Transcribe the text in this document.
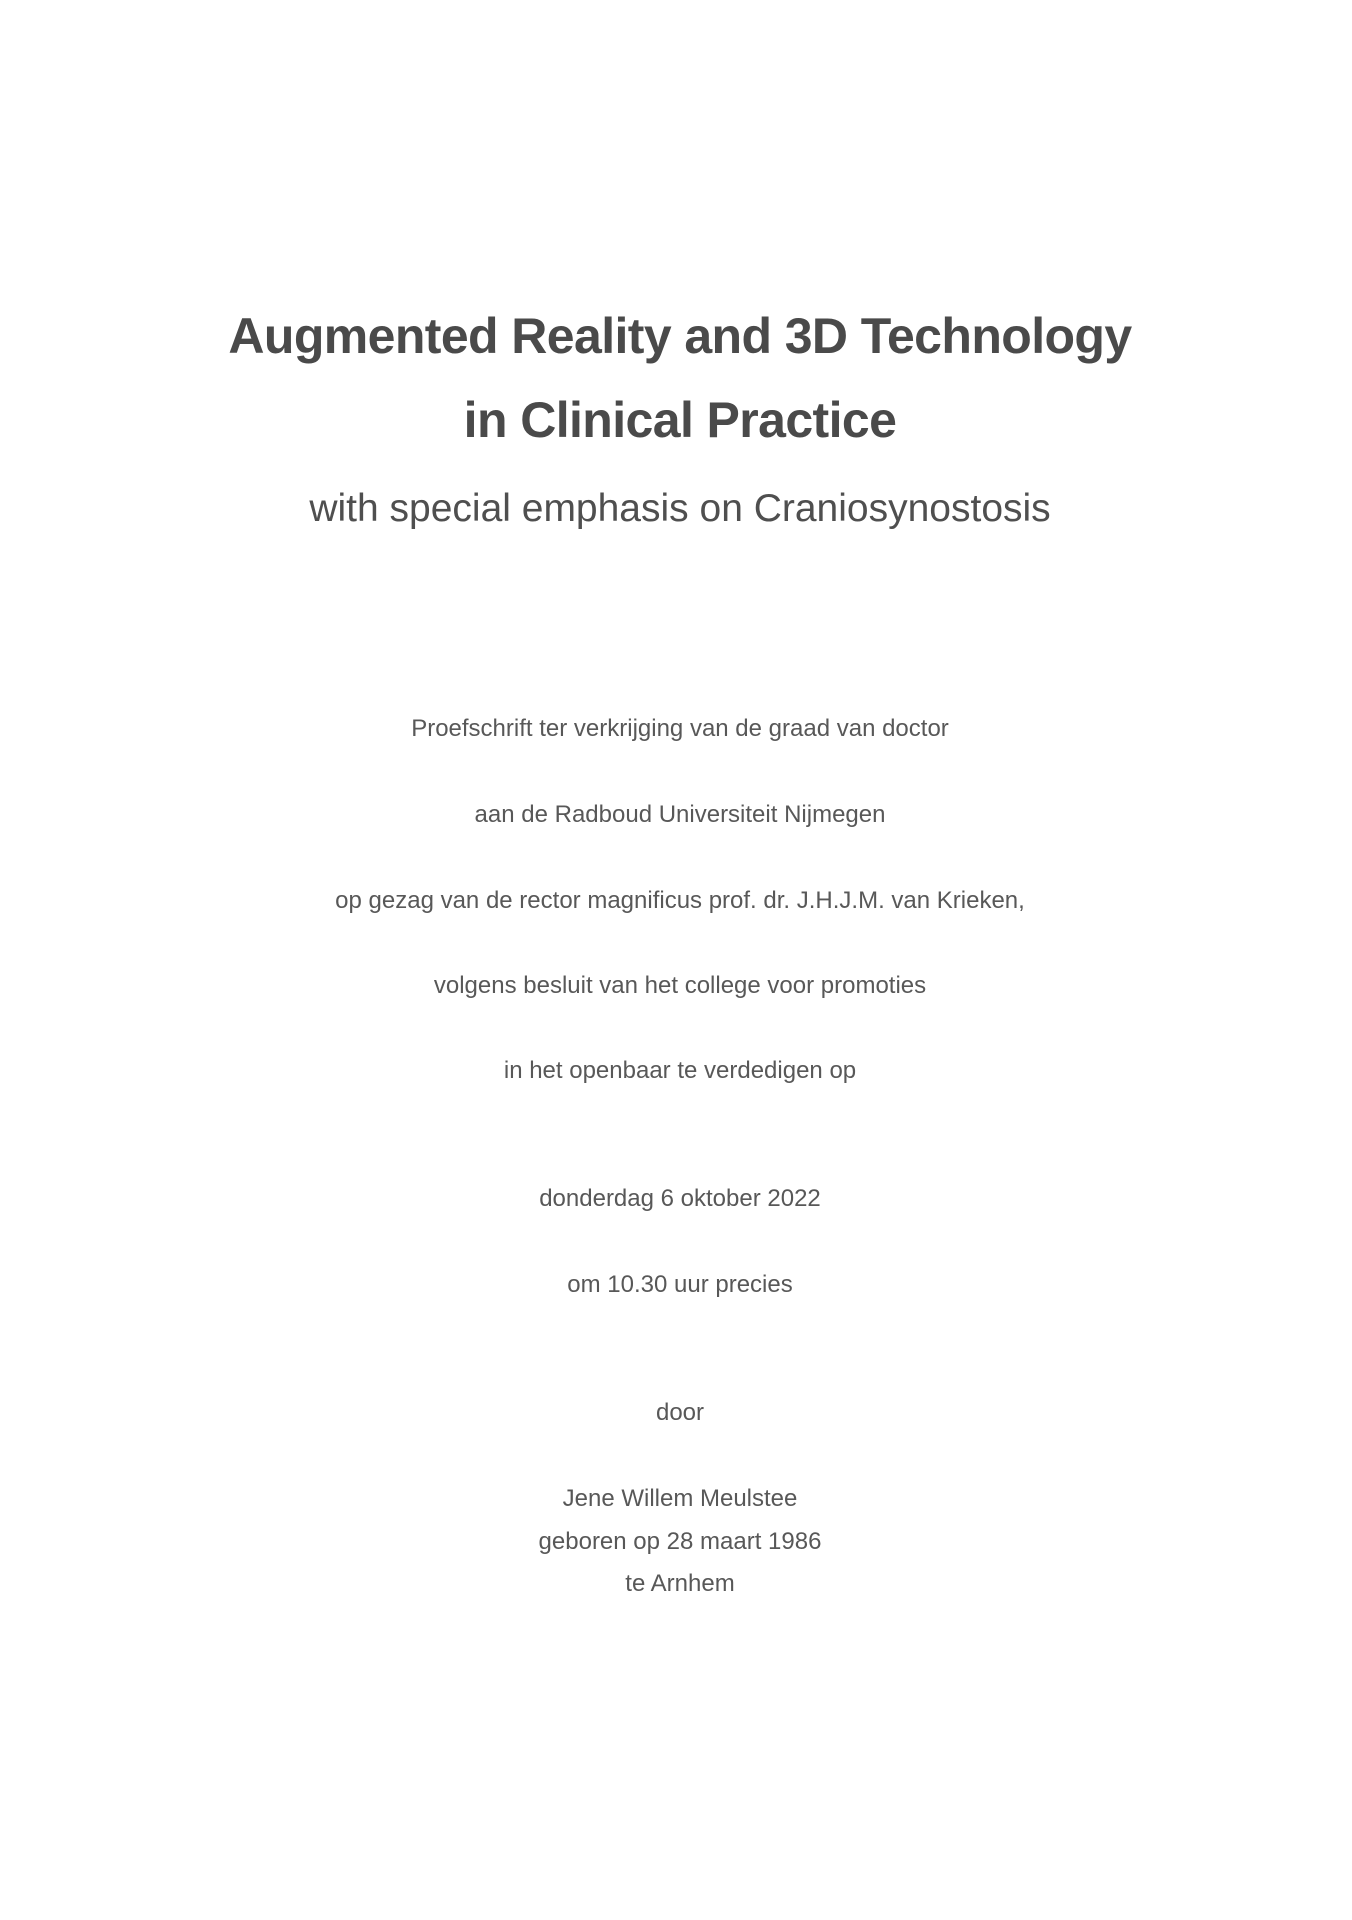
Augmented Reality and 3D Technology
in Clinical Practice
with special emphasis on Craniosynostosis
Proefschrift ter verkrijging van de graad van doctor
aan de Radboud Universiteit Nijmegen
op gezag van de rector magnificus prof. dr. J.H.J.M. van Krieken,
volgens besluit van het college voor promoties
in het openbaar te verdedigen op
donderdag 6 oktober 2022
om 10.30 uur precies
door
Jene Willem Meulstee
geboren op 28 maart 1986
te Arnhem
